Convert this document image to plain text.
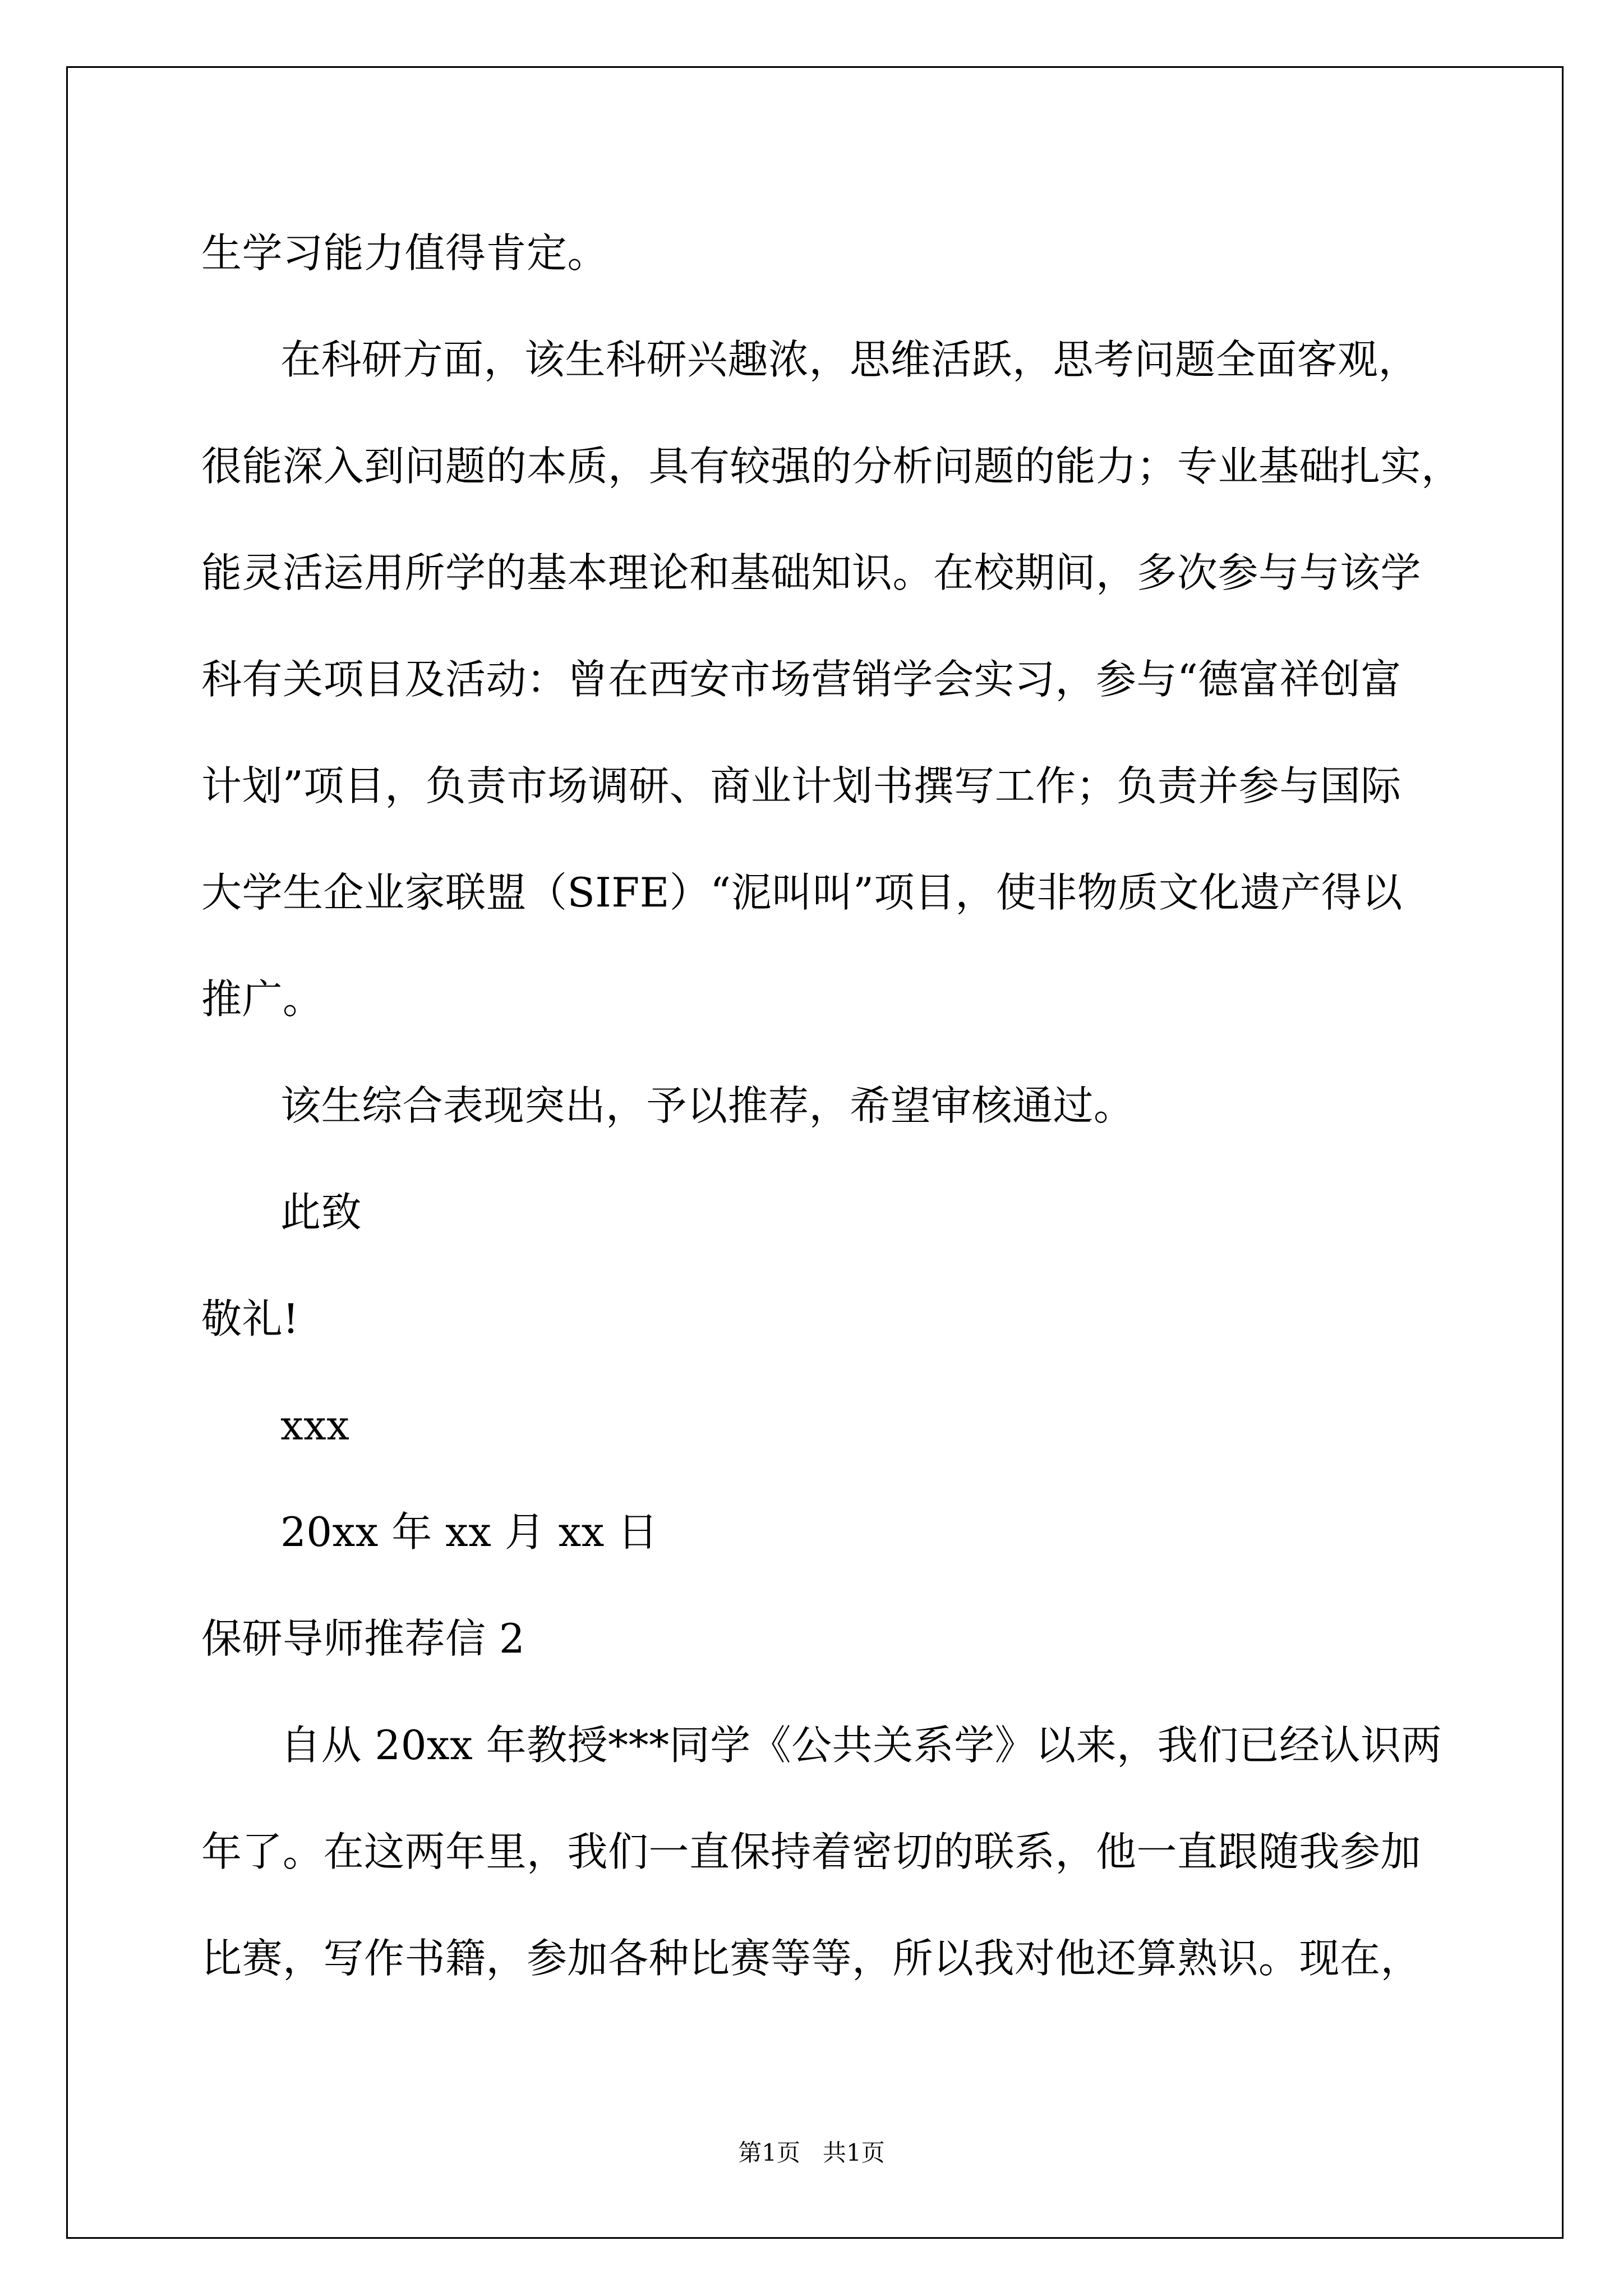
生学习能力值得肯定。
在科研方面，该生科研兴趣浓，思维活跃，思考问题全面客观，
很能深入到问题的本质，具有较强的分析问题的能力；专业基础扎实，
能灵活运用所学的基本理论和基础知识。在校期间，多次参与与该学
科有关项目及活动：曾在西安市场营销学会实习，参与“德富祥创富
计划”项目，负责市场调研、商业计划书撰写工作；负责并参与国际
大学生企业家联盟（SIFE）“泥叫叫”项目，使非物质文化遗产得以
推广。
该生综合表现突出，予以推荐，希望审核通过。
此致
敬礼!
xxx
20xx 年 xx 月 xx 日
保研导师推荐信 2
自从 20xx 年教授***同学《公共关系学》以来，我们已经认识两
年了。在这两年里，我们一直保持着密切的联系，他一直跟随我参加
比赛，写作书籍，参加各种比赛等等，所以我对他还算熟识。现在，
第1页   共1页
